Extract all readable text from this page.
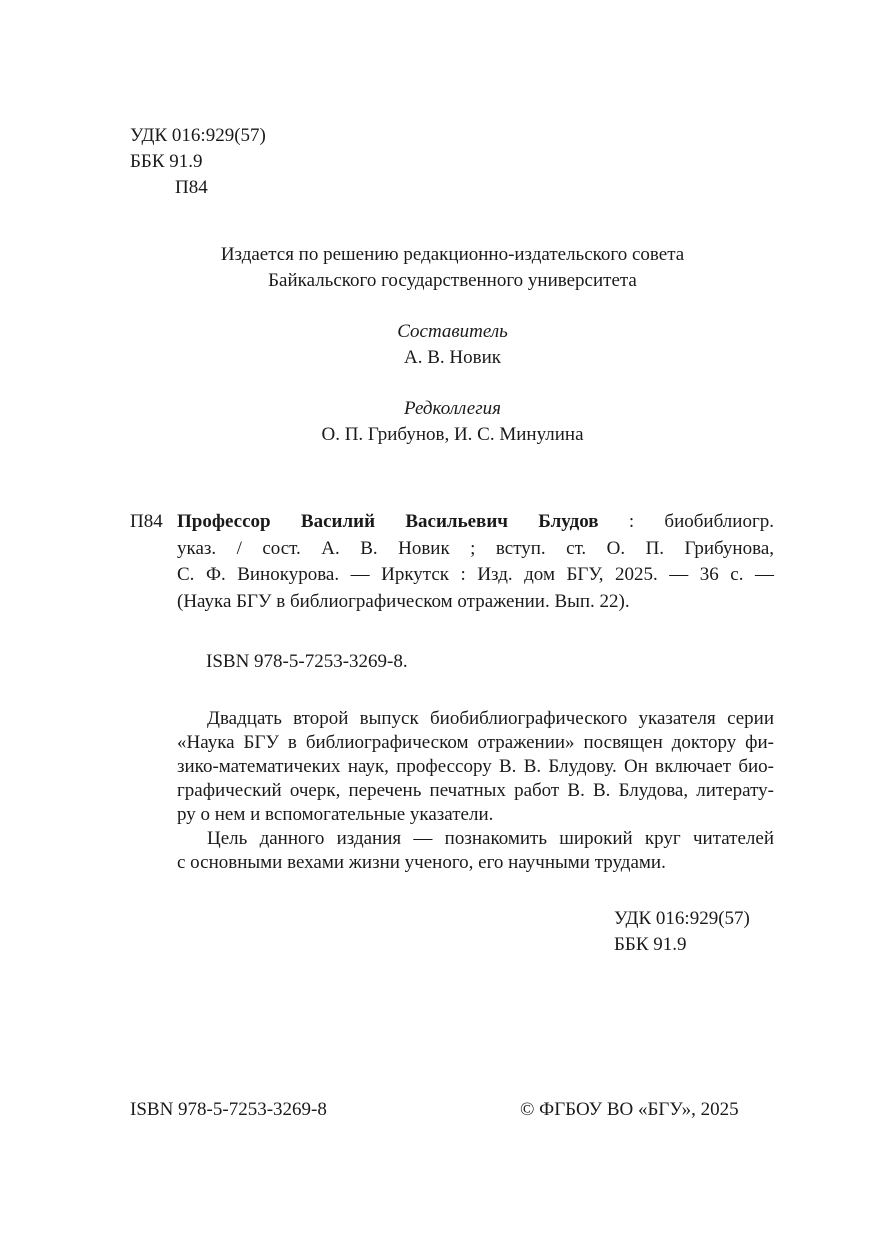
УДК 016:929(57)
ББК 91.9
П84
Издается по решению редакционно-издательского совета
Байкальского государственного университета
Составитель
А. В. Новик
Редколлегия
О. П. Грибунов, И. С. Минулина
П84 Профессор Василий Васильевич Блудов : биобиблиогр.
указ. / сост. А. В. Новик ; вступ. ст. О. П. Грибунова,
С. Ф. Винокурова. — Иркутск : Изд. дом БГУ, 2025. — 36 с. —
(Наука БГУ в библиографическом отражении. Вып. 22).
ISBN 978-5-7253-3269-8.
Двадцать второй выпуск биобиблиографического указателя серии
«Наука БГУ в библиографическом отражении» посвящен доктору фи-
зико-математичеких наук, профессору В. В. Блудову. Он включает био-
графический очерк, перечень печатных работ В. В. Блудова, литерату-
ру о нем и вспомогательные указатели.
Цель данного издания — познакомить широкий круг читателей
с основными вехами жизни ученого, его научными трудами.
УДК 016:929(57)
ББК 91.9
ISBN 978-5-7253-3269-8	© ФГБОУ ВО «БГУ», 2025
